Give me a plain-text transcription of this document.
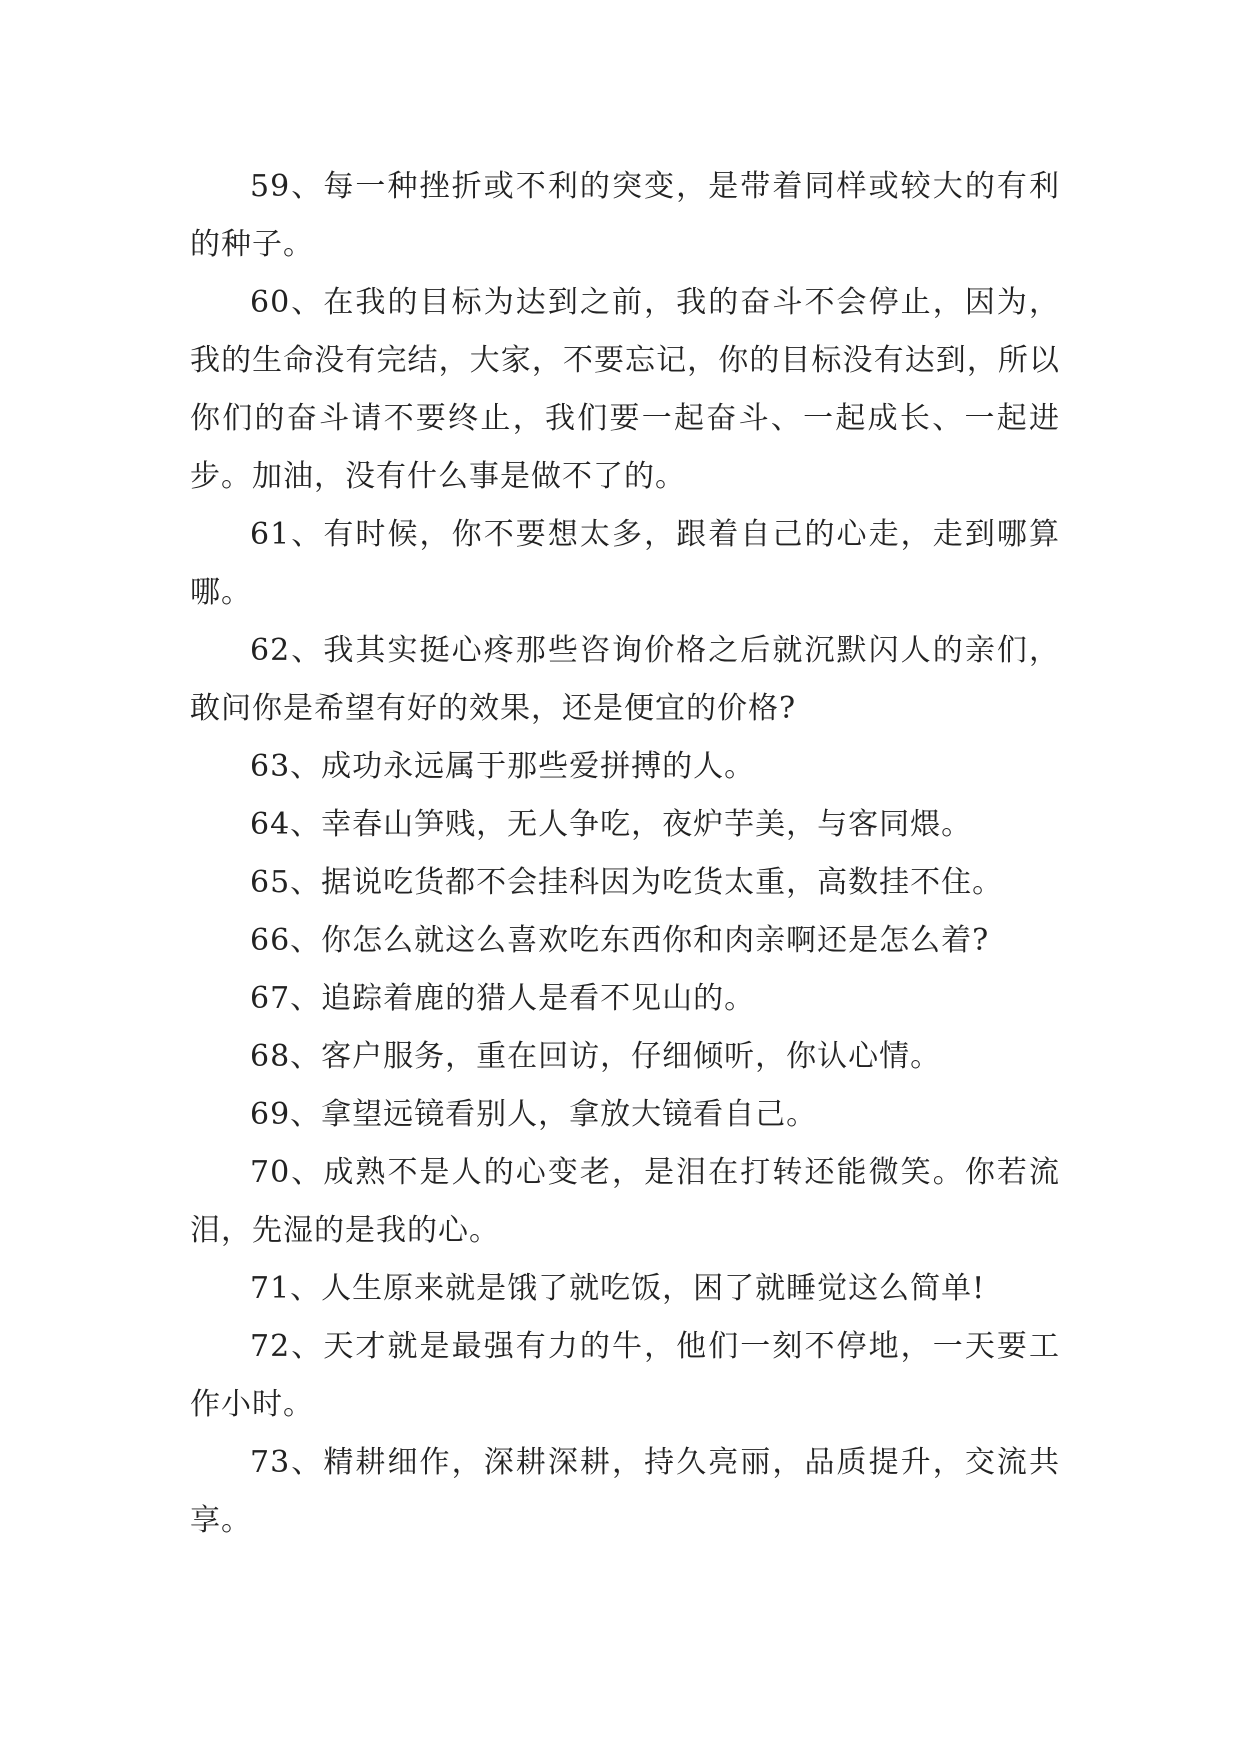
59、每一种挫折或不利的突变，是带着同样或较大的有利的种子。

60、在我的目标为达到之前，我的奋斗不会停止，因为，我的生命没有完结，大家，不要忘记，你的目标没有达到，所以你们的奋斗请不要终止，我们要一起奋斗、一起成长、一起进步。加油，没有什么事是做不了的。

61、有时候，你不要想太多，跟着自己的心走，走到哪算哪。

62、我其实挺心疼那些咨询价格之后就沉默闪人的亲们，敢问你是希望有好的效果，还是便宜的价格?

63、成功永远属于那些爱拼搏的人。

64、幸春山笋贱，无人争吃，夜炉芋美，与客同煨。

65、据说吃货都不会挂科因为吃货太重，高数挂不住。

66、你怎么就这么喜欢吃东西你和肉亲啊还是怎么着?

67、追踪着鹿的猎人是看不见山的。

68、客户服务，重在回访，仔细倾听，你认心情。

69、拿望远镜看别人，拿放大镜看自己。

70、成熟不是人的心变老，是泪在打转还能微笑。你若流泪，先湿的是我的心。

71、人生原来就是饿了就吃饭，困了就睡觉这么简单!

72、天才就是最强有力的牛，他们一刻不停地，一天要工作小时。

73、精耕细作，深耕深耕，持久亮丽，品质提升，交流共享。
